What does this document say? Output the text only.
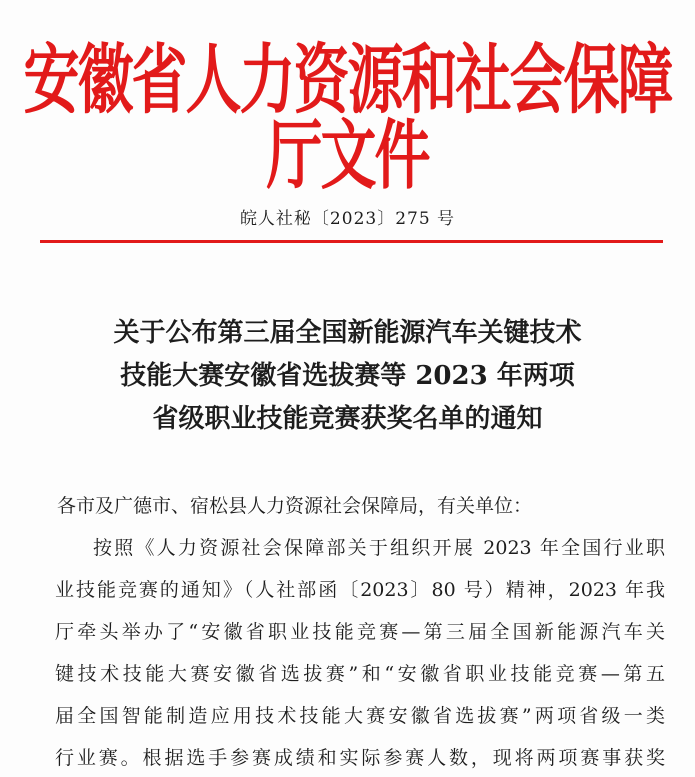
安徽省人力资源和社会保障厅文件
皖人社秘〔2023〕275 号
关于公布第三届全国新能源汽车关键技术
技能大赛安徽省选拔赛等 2023 年两项
省级职业技能竞赛获奖名单的通知
各市及广德市、宿松县人力资源社会保障局，有关单位：
按照《人力资源社会保障部关于组织开展 2023 年全国行业职
业技能竞赛的通知》（人社部函〔2023〕80 号）精神，2023 年我
厅牵头举办了“安徽省职业技能竞赛—第三届全国新能源汽车关
键技术技能大赛安徽省选拔赛”和“安徽省职业技能竞赛—第五
届全国智能制造应用技术技能大赛安徽省选拔赛”两项省级一类
行业赛。根据选手参赛成绩和实际参赛人数，现将两项赛事获奖
